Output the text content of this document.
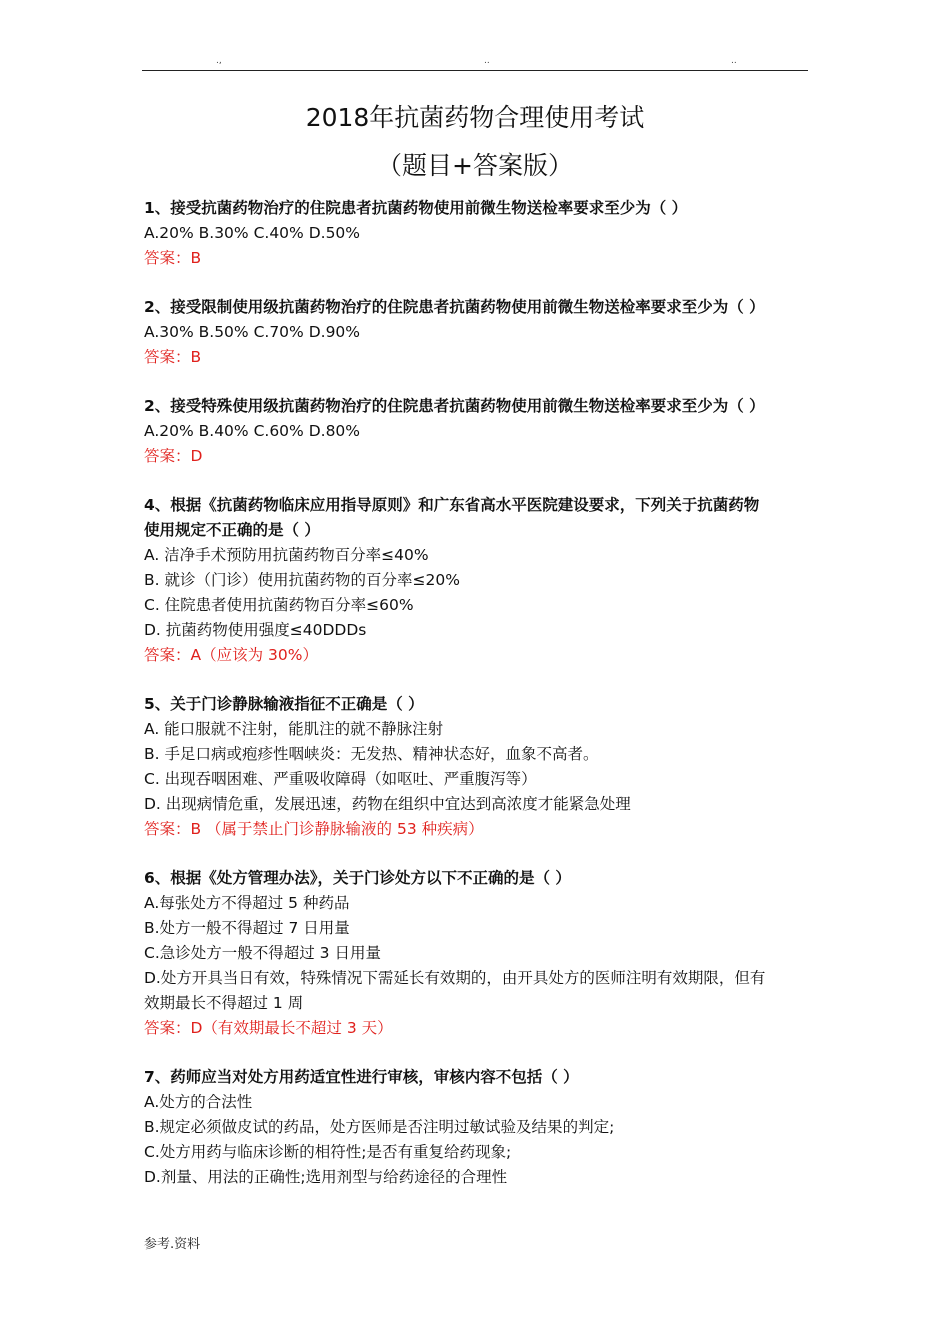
.,	..	..
2018年抗菌药物合理使用考试
（题目+答案版）
1、接受抗菌药物治疗的住院患者抗菌药物使用前微生物送检率要求至少为（ ）
A.20% B.30% C.40% D.50%
答案：B
2、接受限制使用级抗菌药物治疗的住院患者抗菌药物使用前微生物送检率要求至少为（ ）
A.30% B.50% C.70% D.90%
答案：B
2、接受特殊使用级抗菌药物治疗的住院患者抗菌药物使用前微生物送检率要求至少为（ ）
A.20% B.40% C.60% D.80%
答案：D
4、根据《抗菌药物临床应用指导原则》和广东省高水平医院建设要求，下列关于抗菌药物
使用规定不正确的是（ ）
A. 洁净手术预防用抗菌药物百分率≤40%
B. 就诊（门诊）使用抗菌药物的百分率≤20%
C. 住院患者使用抗菌药物百分率≤60%
D. 抗菌药物使用强度≤40DDDs
答案：A（应该为 30%）
5、关于门诊静脉输液指征不正确是（ ）
A. 能口服就不注射，能肌注的就不静脉注射
B. 手足口病或疱疹性咽峡炎：无发热、精神状态好，血象不高者。
C. 出现吞咽困难、严重吸收障碍（如呕吐、严重腹泻等）
D. 出现病情危重，发展迅速，药物在组织中宜达到高浓度才能紧急处理
答案：B （属于禁止门诊静脉输液的 53 种疾病）
6、根据《处方管理办法》，关于门诊处方以下不正确的是（ ）
A.每张处方不得超过 5 种药品
B.处方一般不得超过 7 日用量
C.急诊处方一般不得超过 3 日用量
D.处方开具当日有效，特殊情况下需延长有效期的，由开具处方的医师注明有效期限，但有
效期最长不得超过 1 周
答案：D（有效期最长不超过 3 天）
7、药师应当对处方用药适宜性进行审核，审核内容不包括（ ）
A.处方的合法性
B.规定必须做皮试的药品，处方医师是否注明过敏试验及结果的判定;
C.处方用药与临床诊断的相符性;是否有重复给药现象;
D.剂量、用法的正确性;选用剂型与给药途径的合理性
参考.资料
